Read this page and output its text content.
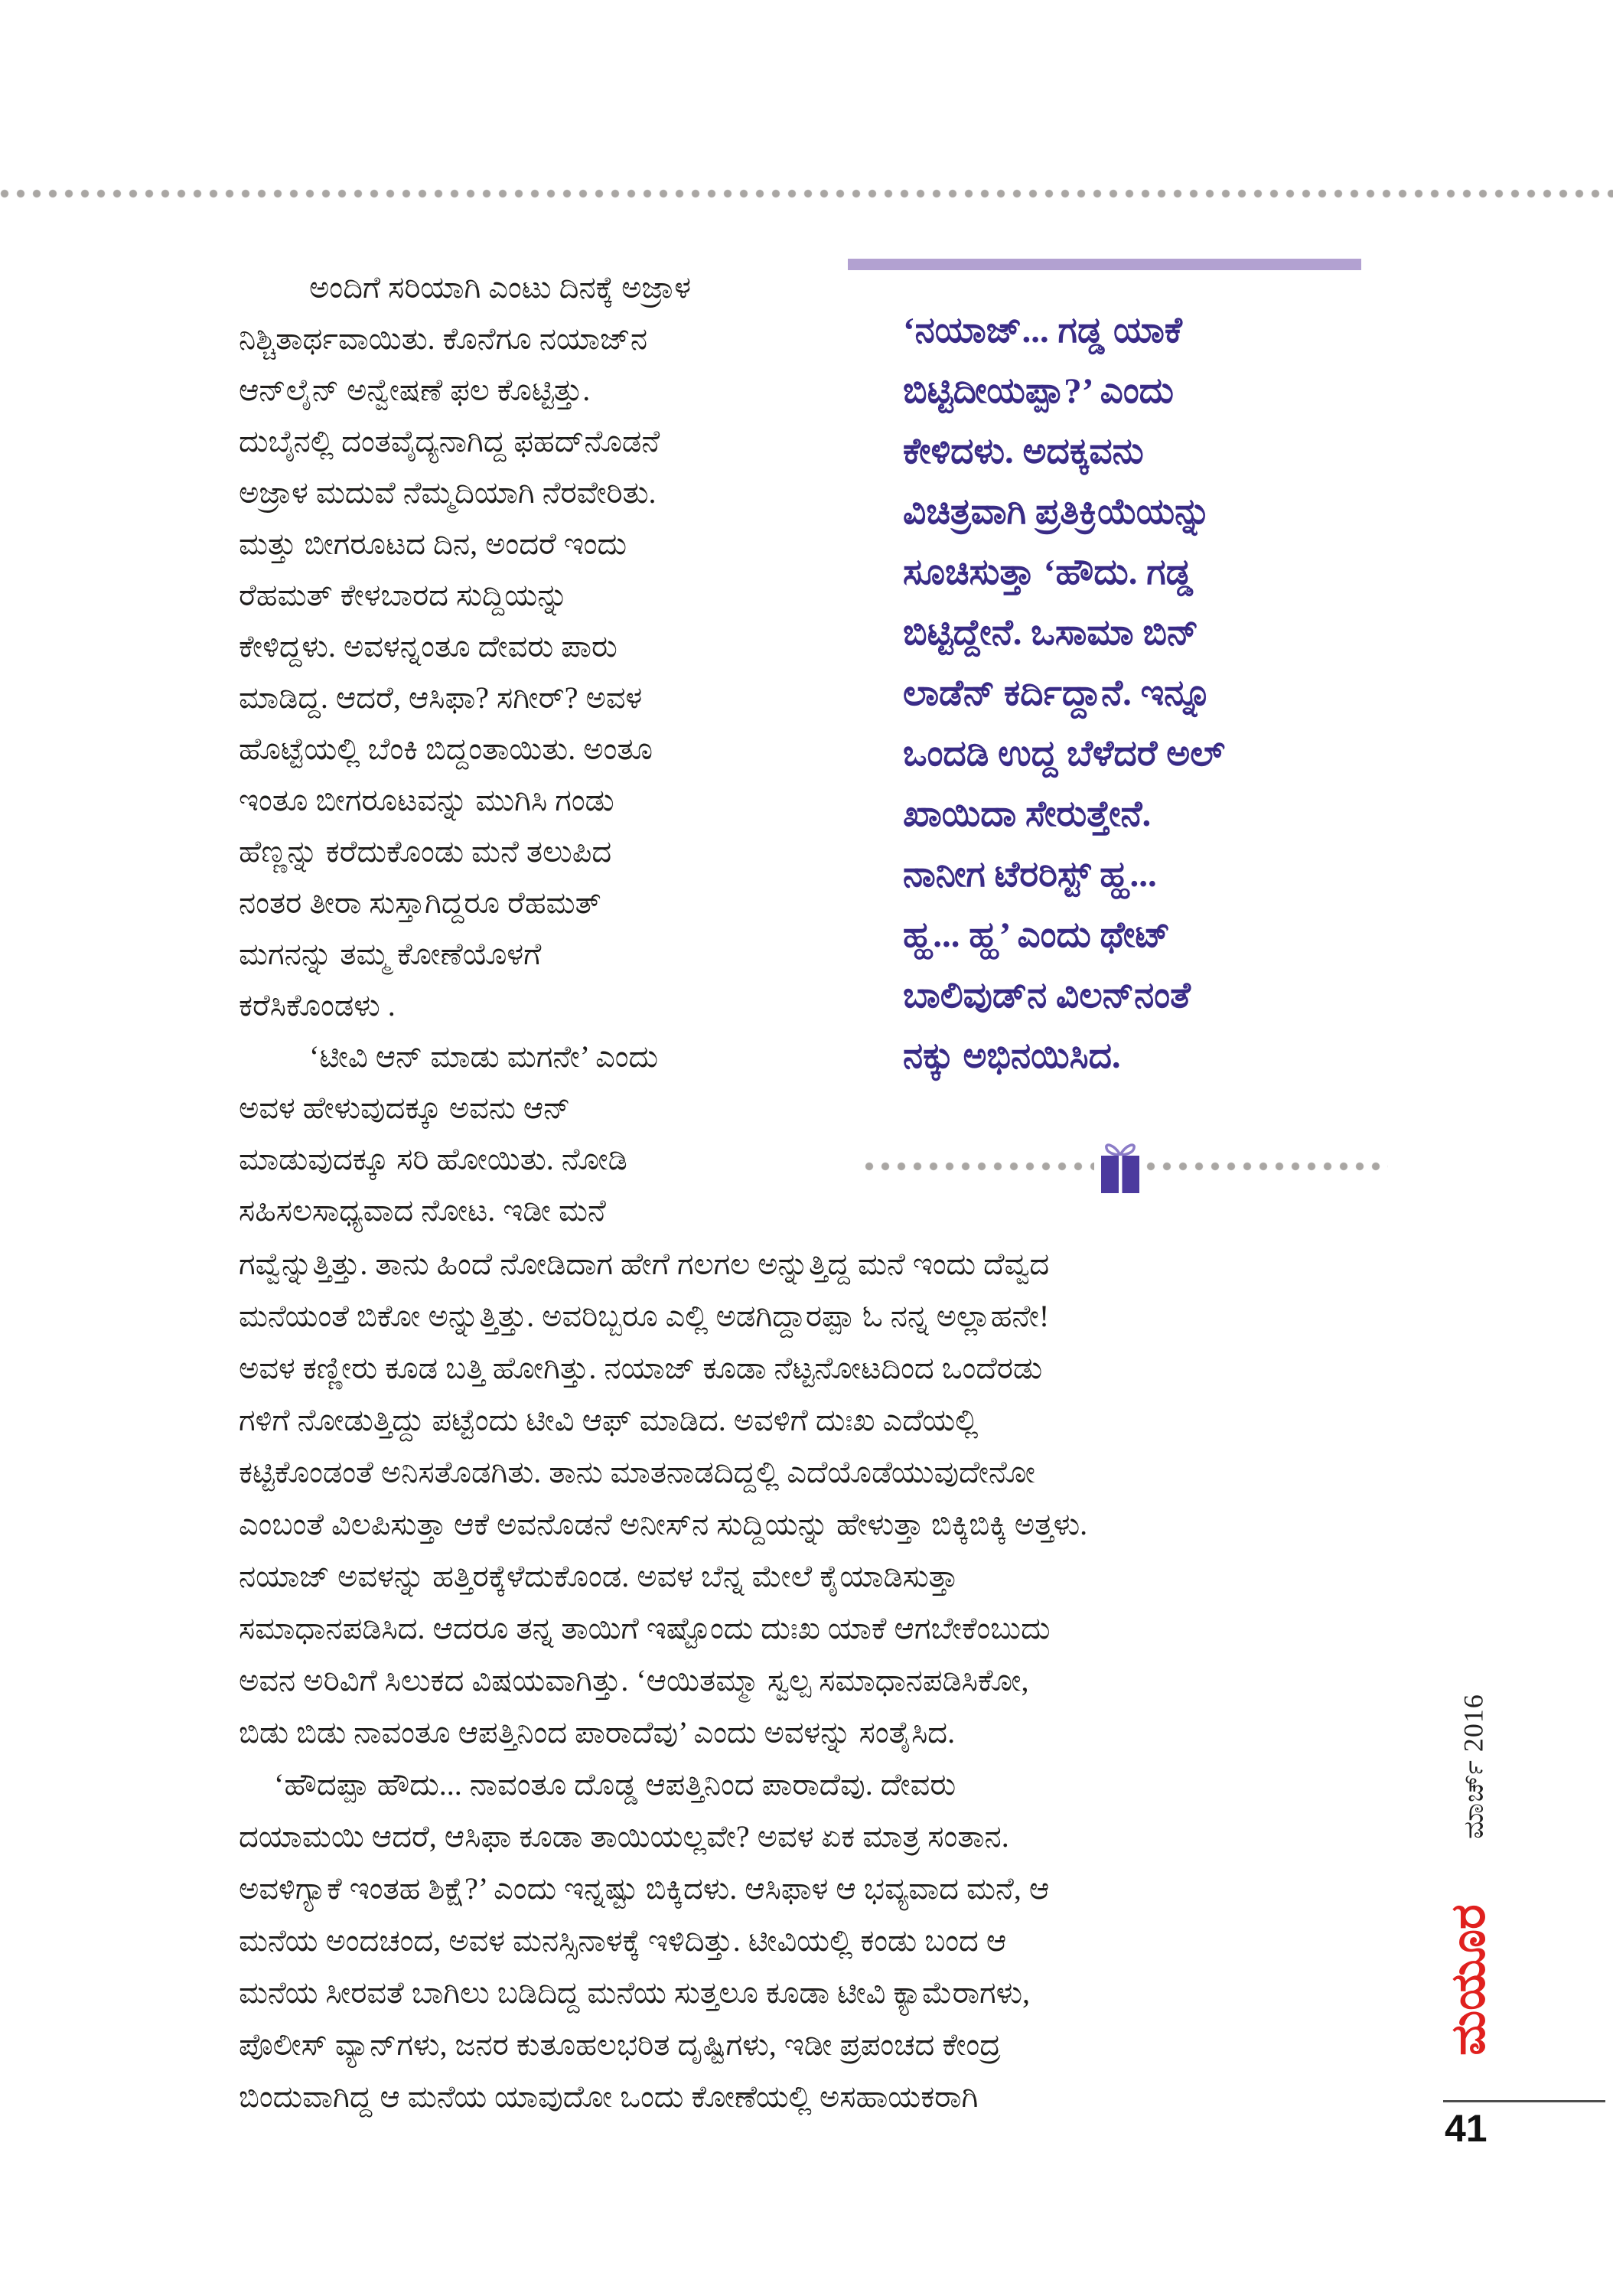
ಅಂದಿಗೆ ಸರಿಯಾಗಿ ಎಂಟು ದಿನಕ್ಕೆ ಅಜ್ರಾಳ
ನಿಶ್ಚಿತಾರ್ಥವಾಯಿತು. ಕೊನೆಗೂ ನಯಾಜ್‌ನ
ಆನ್‌ಲೈನ್ ಅನ್ವೇಷಣೆ ಫಲ ಕೊಟ್ಟಿತ್ತು.
ದುಬೈನಲ್ಲಿ ದಂತವೈದ್ಯನಾಗಿದ್ದ ಫಹದ್‌ನೊಡನೆ
ಅಜ್ರಾಳ ಮದುವೆ ನೆಮ್ಮದಿಯಾಗಿ ನೆರವೇರಿತು.
ಮತ್ತು ಬೀಗರೂಟದ ದಿನ, ಅಂದರೆ ಇಂದು
ರೆಹಮತ್ ಕೇಳಬಾರದ ಸುದ್ದಿಯನ್ನು
ಕೇಳಿದ್ದಳು. ಅವಳನ್ನಂತೂ ದೇವರು ಪಾರು
ಮಾಡಿದ್ದ. ಆದರೆ, ಆಸಿಫಾ? ಸಗೀರ್? ಅವಳ
ಹೊಟ್ಟೆಯಲ್ಲಿ ಬೆಂಕಿ ಬಿದ್ದಂತಾಯಿತು. ಅಂತೂ
ಇಂತೂ ಬೀಗರೂಟವನ್ನು ಮುಗಿಸಿ ಗಂಡು
ಹೆಣ್ಣನ್ನು ಕರೆದುಕೊಂಡು ಮನೆ ತಲುಪಿದ
ನಂತರ ತೀರಾ ಸುಸ್ತಾಗಿದ್ದರೂ ರೆಹಮತ್
ಮಗನನ್ನು ತಮ್ಮ ಕೋಣೆಯೊಳಗೆ
ಕರೆಸಿಕೊಂಡಳು .
‘ಟೀವಿ ಆನ್ ಮಾಡು ಮಗನೇ’ ಎಂದು
ಅವಳ ಹೇಳುವುದಕ್ಕೂ ಅವನು ಆನ್
ಮಾಡುವುದಕ್ಕೂ ಸರಿ ಹೋಯಿತು. ನೋಡಿ
ಸಹಿಸಲಸಾಧ್ಯವಾದ ನೋಟ. ಇಡೀ ಮನೆ
‘ನಯಾಜ್... ಗಡ್ಡ ಯಾಕೆ
ಬಿಟ್ಟಿದೀಯಪ್ಪಾ?’ ಎಂದು
ಕೇಳಿದಳು. ಅದಕ್ಕವನು
ವಿಚಿತ್ರವಾಗಿ ಪ್ರತಿಕ್ರಿಯೆಯನ್ನು
ಸೂಚಿಸುತ್ತಾ ‘ಹೌದು. ಗಡ್ಡ
ಬಿಟ್ಟಿದ್ದೇನೆ. ಒಸಾಮಾ ಬಿನ್
ಲಾಡೆನ್ ಕರ್ದಿದ್ದಾನೆ. ಇನ್ನೂ
ಒಂದಡಿ ಉದ್ದ ಬೆಳೆದರೆ ಅಲ್
ಖಾಯಿದಾ ಸೇರುತ್ತೇನೆ.
ನಾನೀಗ ಟೆರರಿಸ್ಟ್ ಹ್ಹ...
ಹ್ಹ... ಹ್ಹ’ ಎಂದು ಥೇಟ್
ಬಾಲಿವುಡ್‌ನ ವಿಲನ್‌ನಂತೆ
ನಕ್ಕು ಅಭಿನಯಿಸಿದ.
ಗವ್ವೆನ್ನುತ್ತಿತ್ತು. ತಾನು ಹಿಂದೆ ನೋಡಿದಾಗ ಹೇಗೆ ಗಲಗಲ ಅನ್ನುತ್ತಿದ್ದ ಮನೆ ಇಂದು ದೆವ್ವದ
ಮನೆಯಂತೆ ಬಿಕೋ ಅನ್ನುತ್ತಿತ್ತು. ಅವರಿಬ್ಬರೂ ಎಲ್ಲಿ ಅಡಗಿದ್ದಾರಪ್ಪಾ ಓ ನನ್ನ ಅಲ್ಲಾಹನೇ!
ಅವಳ ಕಣ್ಣೀರು ಕೂಡ ಬತ್ತಿ ಹೋಗಿತ್ತು. ನಯಾಜ್ ಕೂಡಾ ನೆಟ್ಟನೋಟದಿಂದ ಒಂದೆರಡು
ಗಳಿಗೆ ನೋಡುತ್ತಿದ್ದು ಪಟ್ಟೆಂದು ಟೀವಿ ಆಫ್ ಮಾಡಿದ. ಅವಳಿಗೆ ದುಃಖ ಎದೆಯಲ್ಲಿ
ಕಟ್ಟಿಕೊಂಡಂತೆ ಅನಿಸತೊಡಗಿತು. ತಾನು ಮಾತನಾಡದಿದ್ದಲ್ಲಿ ಎದೆಯೊಡೆಯುವುದೇನೋ
ಎಂಬಂತೆ ವಿಲಪಿಸುತ್ತಾ ಆಕೆ ಅವನೊಡನೆ ಅನೀಸ್‌ನ ಸುದ್ದಿಯನ್ನು ಹೇಳುತ್ತಾ ಬಿಕ್ಕಿಬಿಕ್ಕಿ ಅತ್ತಳು.
ನಯಾಜ್ ಅವಳನ್ನು ಹತ್ತಿರಕ್ಕೆಳೆದುಕೊಂಡ. ಅವಳ ಬೆನ್ನ ಮೇಲೆ ಕೈಯಾಡಿಸುತ್ತಾ
ಸಮಾಧಾನಪಡಿಸಿದ. ಆದರೂ ತನ್ನ ತಾಯಿಗೆ ಇಷ್ಟೊಂದು ದುಃಖ ಯಾಕೆ ಆಗಬೇಕೆಂಬುದು
ಅವನ ಅರಿವಿಗೆ ಸಿಲುಕದ ವಿಷಯವಾಗಿತ್ತು. ‘ಆಯಿತಮ್ಮಾ ಸ್ವಲ್ಪ ಸಮಾಧಾನಪಡಿಸಿಕೋ,
ಬಿಡು ಬಿಡು ನಾವಂತೂ ಆಪತ್ತಿನಿಂದ ಪಾರಾದೆವು’ ಎಂದು ಅವಳನ್ನು ಸಂತೈಸಿದ.
‘ಹೌದಪ್ಪಾ ಹೌದು... ನಾವಂತೂ ದೊಡ್ಡ ಆಪತ್ತಿನಿಂದ ಪಾರಾದೆವು. ದೇವರು
ದಯಾಮಯಿ ಆದರೆ, ಆಸಿಫಾ ಕೂಡಾ ತಾಯಿಯಲ್ಲವೇ? ಅವಳ ಏಕ ಮಾತ್ರ ಸಂತಾನ.
ಅವಳಿಗ್ಯಾಕೆ ಇಂತಹ ಶಿಕ್ಷೆ?’ ಎಂದು ಇನ್ನಷ್ಟು ಬಿಕ್ಕಿದಳು. ಆಸಿಫಾಳ ಆ ಭವ್ಯವಾದ ಮನೆ, ಆ
ಮನೆಯ ಅಂದಚಂದ, ಅವಳ ಮನಸ್ಸಿನಾಳಕ್ಕೆ ಇಳಿದಿತ್ತು. ಟೀವಿಯಲ್ಲಿ ಕಂಡು ಬಂದ ಆ
ಮನೆಯ ಸೀರವತೆ ಬಾಗಿಲು ಬಡಿದಿದ್ದ ಮನೆಯ ಸುತ್ತಲೂ ಕೂಡಾ ಟೀವಿ ಕ್ಯಾಮೆರಾಗಳು,
ಪೊಲೀಸ್ ವ್ಯಾನ್‌ಗಳು, ಜನರ ಕುತೂಹಲಭರಿತ ದೃಷ್ಟಿಗಳು, ಇಡೀ ಪ್ರಪಂಚದ ಕೇಂದ್ರ
ಬಿಂದುವಾಗಿದ್ದ ಆ ಮನೆಯ ಯಾವುದೋ ಒಂದು ಕೋಣೆಯಲ್ಲಿ ಅಸಹಾಯಕರಾಗಿ
ಮಾರ್ಚ್ 2016
ಮಯೂರ
41
